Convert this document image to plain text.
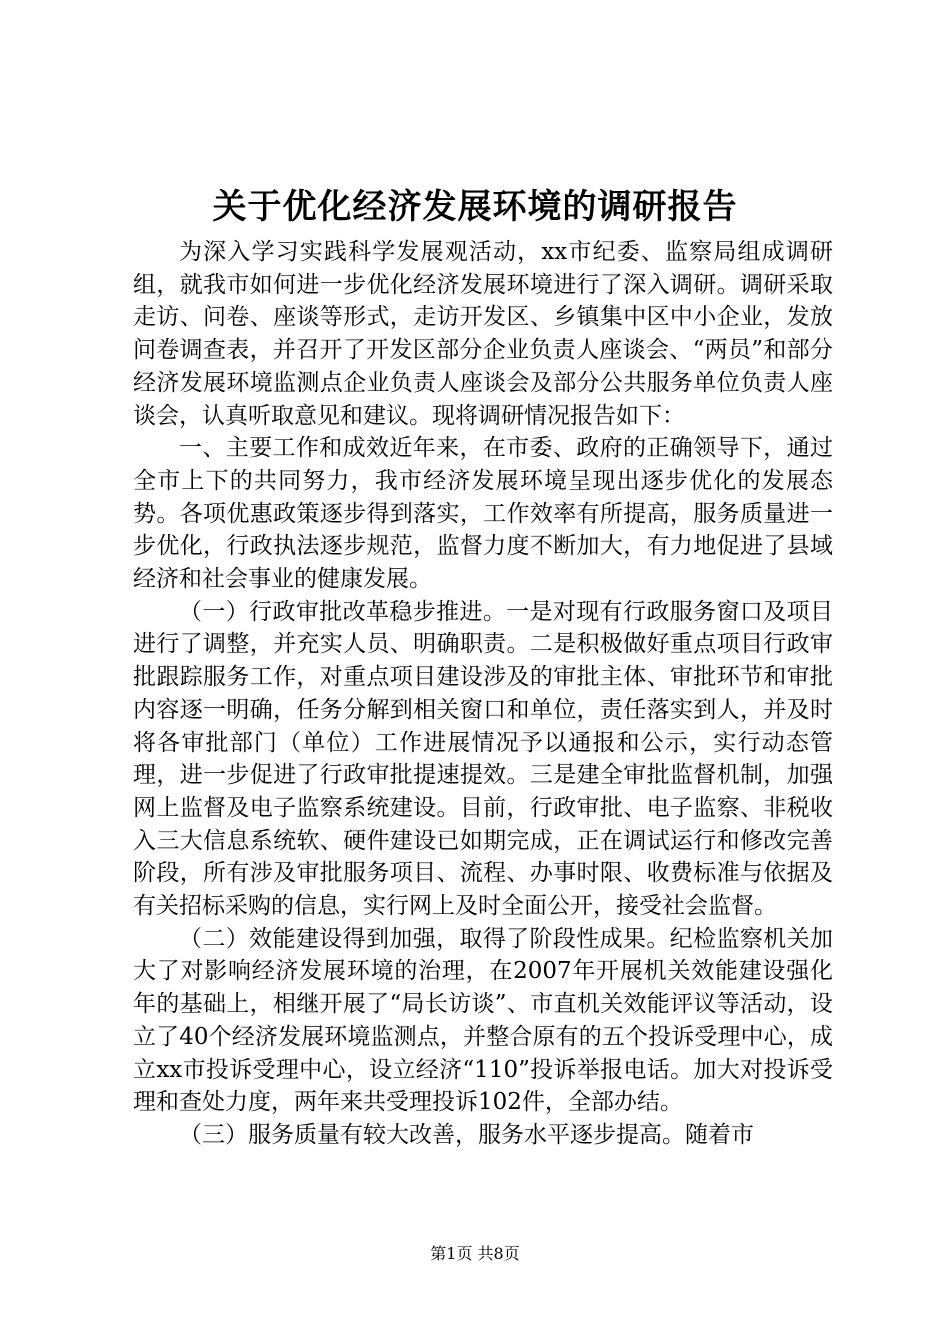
关于优化经济发展环境的调研报告

为深入学习实践科学发展观活动，xx市纪委、监察局组成调研组，就我市如何进一步优化经济发展环境进行了深入调研。调研采取走访、问卷、座谈等形式，走访开发区、乡镇集中区中小企业，发放问卷调查表，并召开了开发区部分企业负责人座谈会、“两员”和部分经济发展环境监测点企业负责人座谈会及部分公共服务单位负责人座谈会，认真听取意见和建议。现将调研情况报告如下：

一、主要工作和成效近年来，在市委、政府的正确领导下，通过全市上下的共同努力，我市经济发展环境呈现出逐步优化的发展态势。各项优惠政策逐步得到落实，工作效率有所提高，服务质量进一步优化，行政执法逐步规范，监督力度不断加大，有力地促进了县域经济和社会事业的健康发展。

（一）行政审批改革稳步推进。一是对现有行政服务窗口及项目进行了调整，并充实人员、明确职责。二是积极做好重点项目行政审批跟踪服务工作，对重点项目建设涉及的审批主体、审批环节和审批内容逐一明确，任务分解到相关窗口和单位，责任落实到人，并及时将各审批部门（单位）工作进展情况予以通报和公示，实行动态管理，进一步促进了行政审批提速提效。三是建全审批监督机制，加强网上监督及电子监察系统建设。目前，行政审批、电子监察、非税收入三大信息系统软、硬件建设已如期完成，正在调试运行和修改完善阶段，所有涉及审批服务项目、流程、办事时限、收费标准与依据及有关招标采购的信息，实行网上及时全面公开，接受社会监督。

（二）效能建设得到加强，取得了阶段性成果。纪检监察机关加大了对影响经济发展环境的治理，在2007年开展机关效能建设强化年的基础上，相继开展了“局长访谈”、市直机关效能评议等活动，设立了40个经济发展环境监测点，并整合原有的五个投诉受理中心，成立xx市投诉受理中心，设立经济“110”投诉举报电话。加大对投诉受理和查处力度，两年来共受理投诉102件，全部办结。

（三）服务质量有较大改善，服务水平逐步提高。随着市

第1页 共8页
